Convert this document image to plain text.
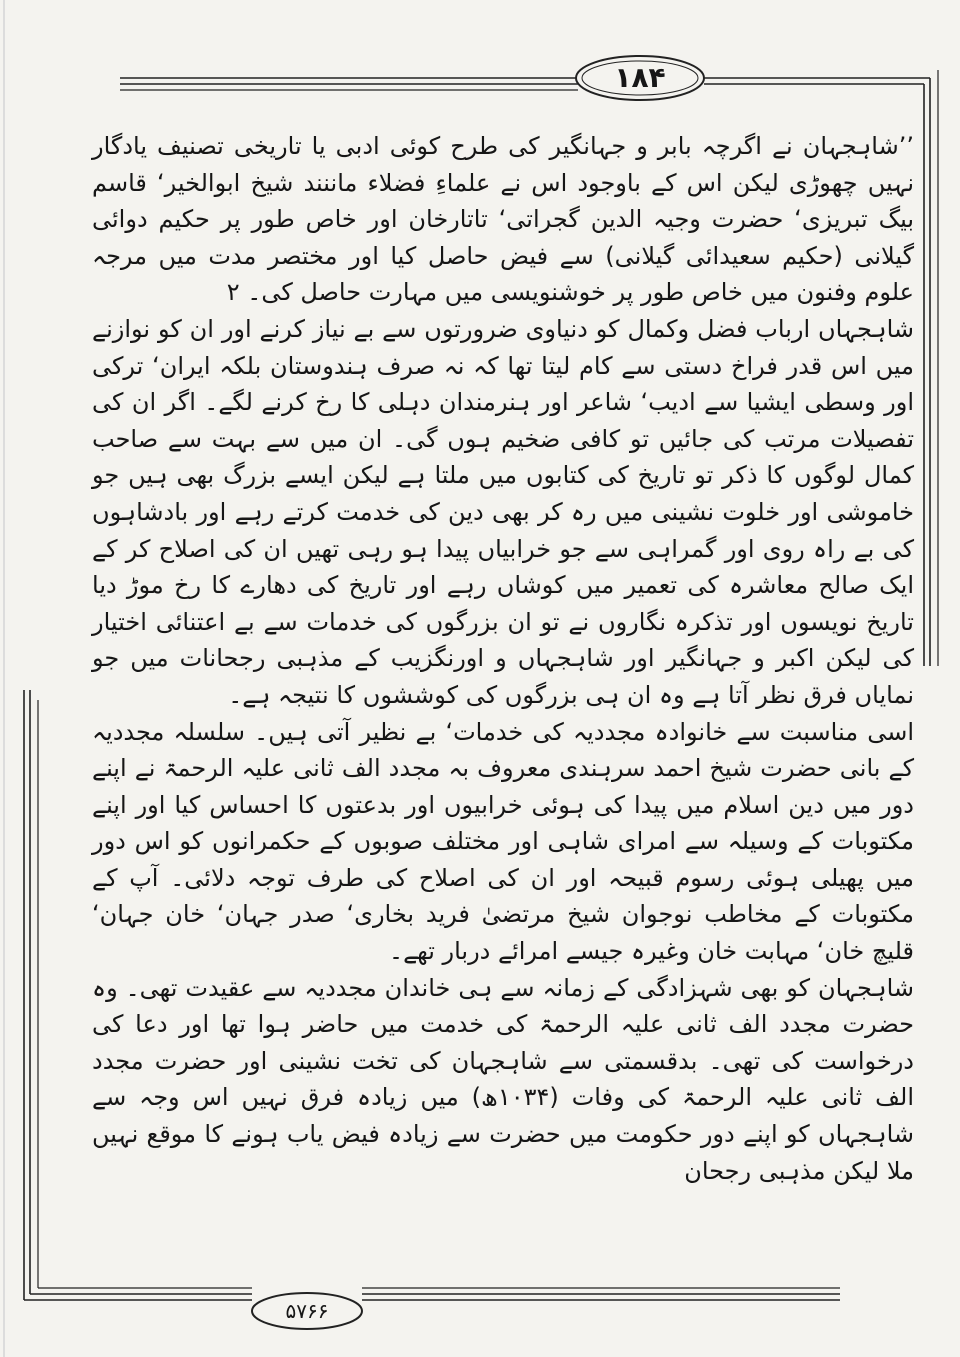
۱۸۴

’’شاہجہان نے اگرچہ بابر و جہانگیر کی طرح کوئی ادبی یا تاریخی تصنیف یادگار نہیں چھوڑی لیکن اس کے باوجود اس نے علماءِ فضلاء ماننند شیخ ابوالخیر‘ قاسم بیگ تبریزی‘ حضرت وجیہ الدین گجراتی‘ تاتارخان اور خاص طور پر حکیم دوائی گیلانی (حکیم سعیدائی گیلانی) سے فیض حاصل کیا اور مختصر مدت میں مرجہ علوم وفنون میں خاص طور پر خوشنویسی میں مہارت حاصل کی۔ ۲

شاہجہاں ارباب فضل وکمال کو دنیاوی ضرورتوں سے بے نیاز کرنے اور ان کو نوازنے میں اس قدر فراخ دستی سے کام لیتا تھا کہ نہ صرف ہندوستان بلکہ ایران‘ ترکی اور وسطی ایشیا سے ادیب‘ شاعر اور ہنرمندان دہلی کا رخ کرنے لگے۔ اگر ان کی تفصیلات مرتب کی جائیں تو کافی ضخیم ہوں گی۔ ان میں سے بہت سے صاحب کمال لوگوں کا ذکر تو تاریخ کی کتابوں میں ملتا ہے لیکن ایسے بزرگ بھی ہیں جو خاموشی اور خلوت نشینی میں رہ کر بھی دین کی خدمت کرتے رہے اور بادشاہوں کی بے راہ روی اور گمراہی سے جو خرابیاں پیدا ہو رہی تھیں ان کی اصلاح کر کے ایک صالح معاشرہ کی تعمیر میں کوشاں رہے اور تاریخ کی دھارے کا رخ موڑ دیا تاریخ نویسوں اور تذکرہ نگاروں نے تو ان بزرگوں کی خدمات سے بے اعتنائی اختیار کی لیکن اکبر و جہانگیر اور شاہجہاں و اورنگزیب کے مذہبی رجحانات میں جو نمایاں فرق نظر آتا ہے وہ ان ہی بزرگوں کی کوششوں کا نتیجہ ہے۔

اسی مناسبت سے خانوادہ مجددیہ کی خدمات‘ بے نظیر آتی ہیں۔ سلسلہ مجددیہ کے بانی حضرت شیخ احمد سرہندی معروف بہ مجدد الف ثانی علیہ الرحمۃ نے اپنے دور میں دین اسلام میں پیدا کی ہوئی خرابیوں اور بدعتوں کا احساس کیا اور اپنے مکتوبات کے وسیلہ سے امرای شاہی اور مختلف صوبوں کے حکمرانوں کو اس دور میں پھیلی ہوئی رسوم قبیحہ اور ان کی اصلاح کی طرف توجہ دلائی۔ آپ کے مکتوبات کے مخاطب نوجوان شیخ مرتضیٰ فرید بخاری‘ صدر جہان‘ خان جہان‘ قلیچ خان‘ مہابت خان وغیرہ جیسے امرائے دربار تھے۔

شاہجہان کو بھی شہزادگی کے زمانہ سے ہی خاندان مجددیہ سے عقیدت تھی۔ وہ حضرت مجدد الف ثانی علیہ الرحمۃ کی خدمت میں حاضر ہوا تھا اور دعا کی درخواست کی تھی۔ بدقسمتی سے شاہجہان کی تخت نشینی اور حضرت مجدد الف ثانی علیہ الرحمۃ کی وفات (۱۰۳۴ھ) میں زیادہ فرق نہیں اس وجہ سے شاہجہاں کو اپنے دور حکومت میں حضرت سے زیادہ فیض یاب ہونے کا موقع نہیں ملا لیکن مذہبی رجحان

۵۷۶۶
